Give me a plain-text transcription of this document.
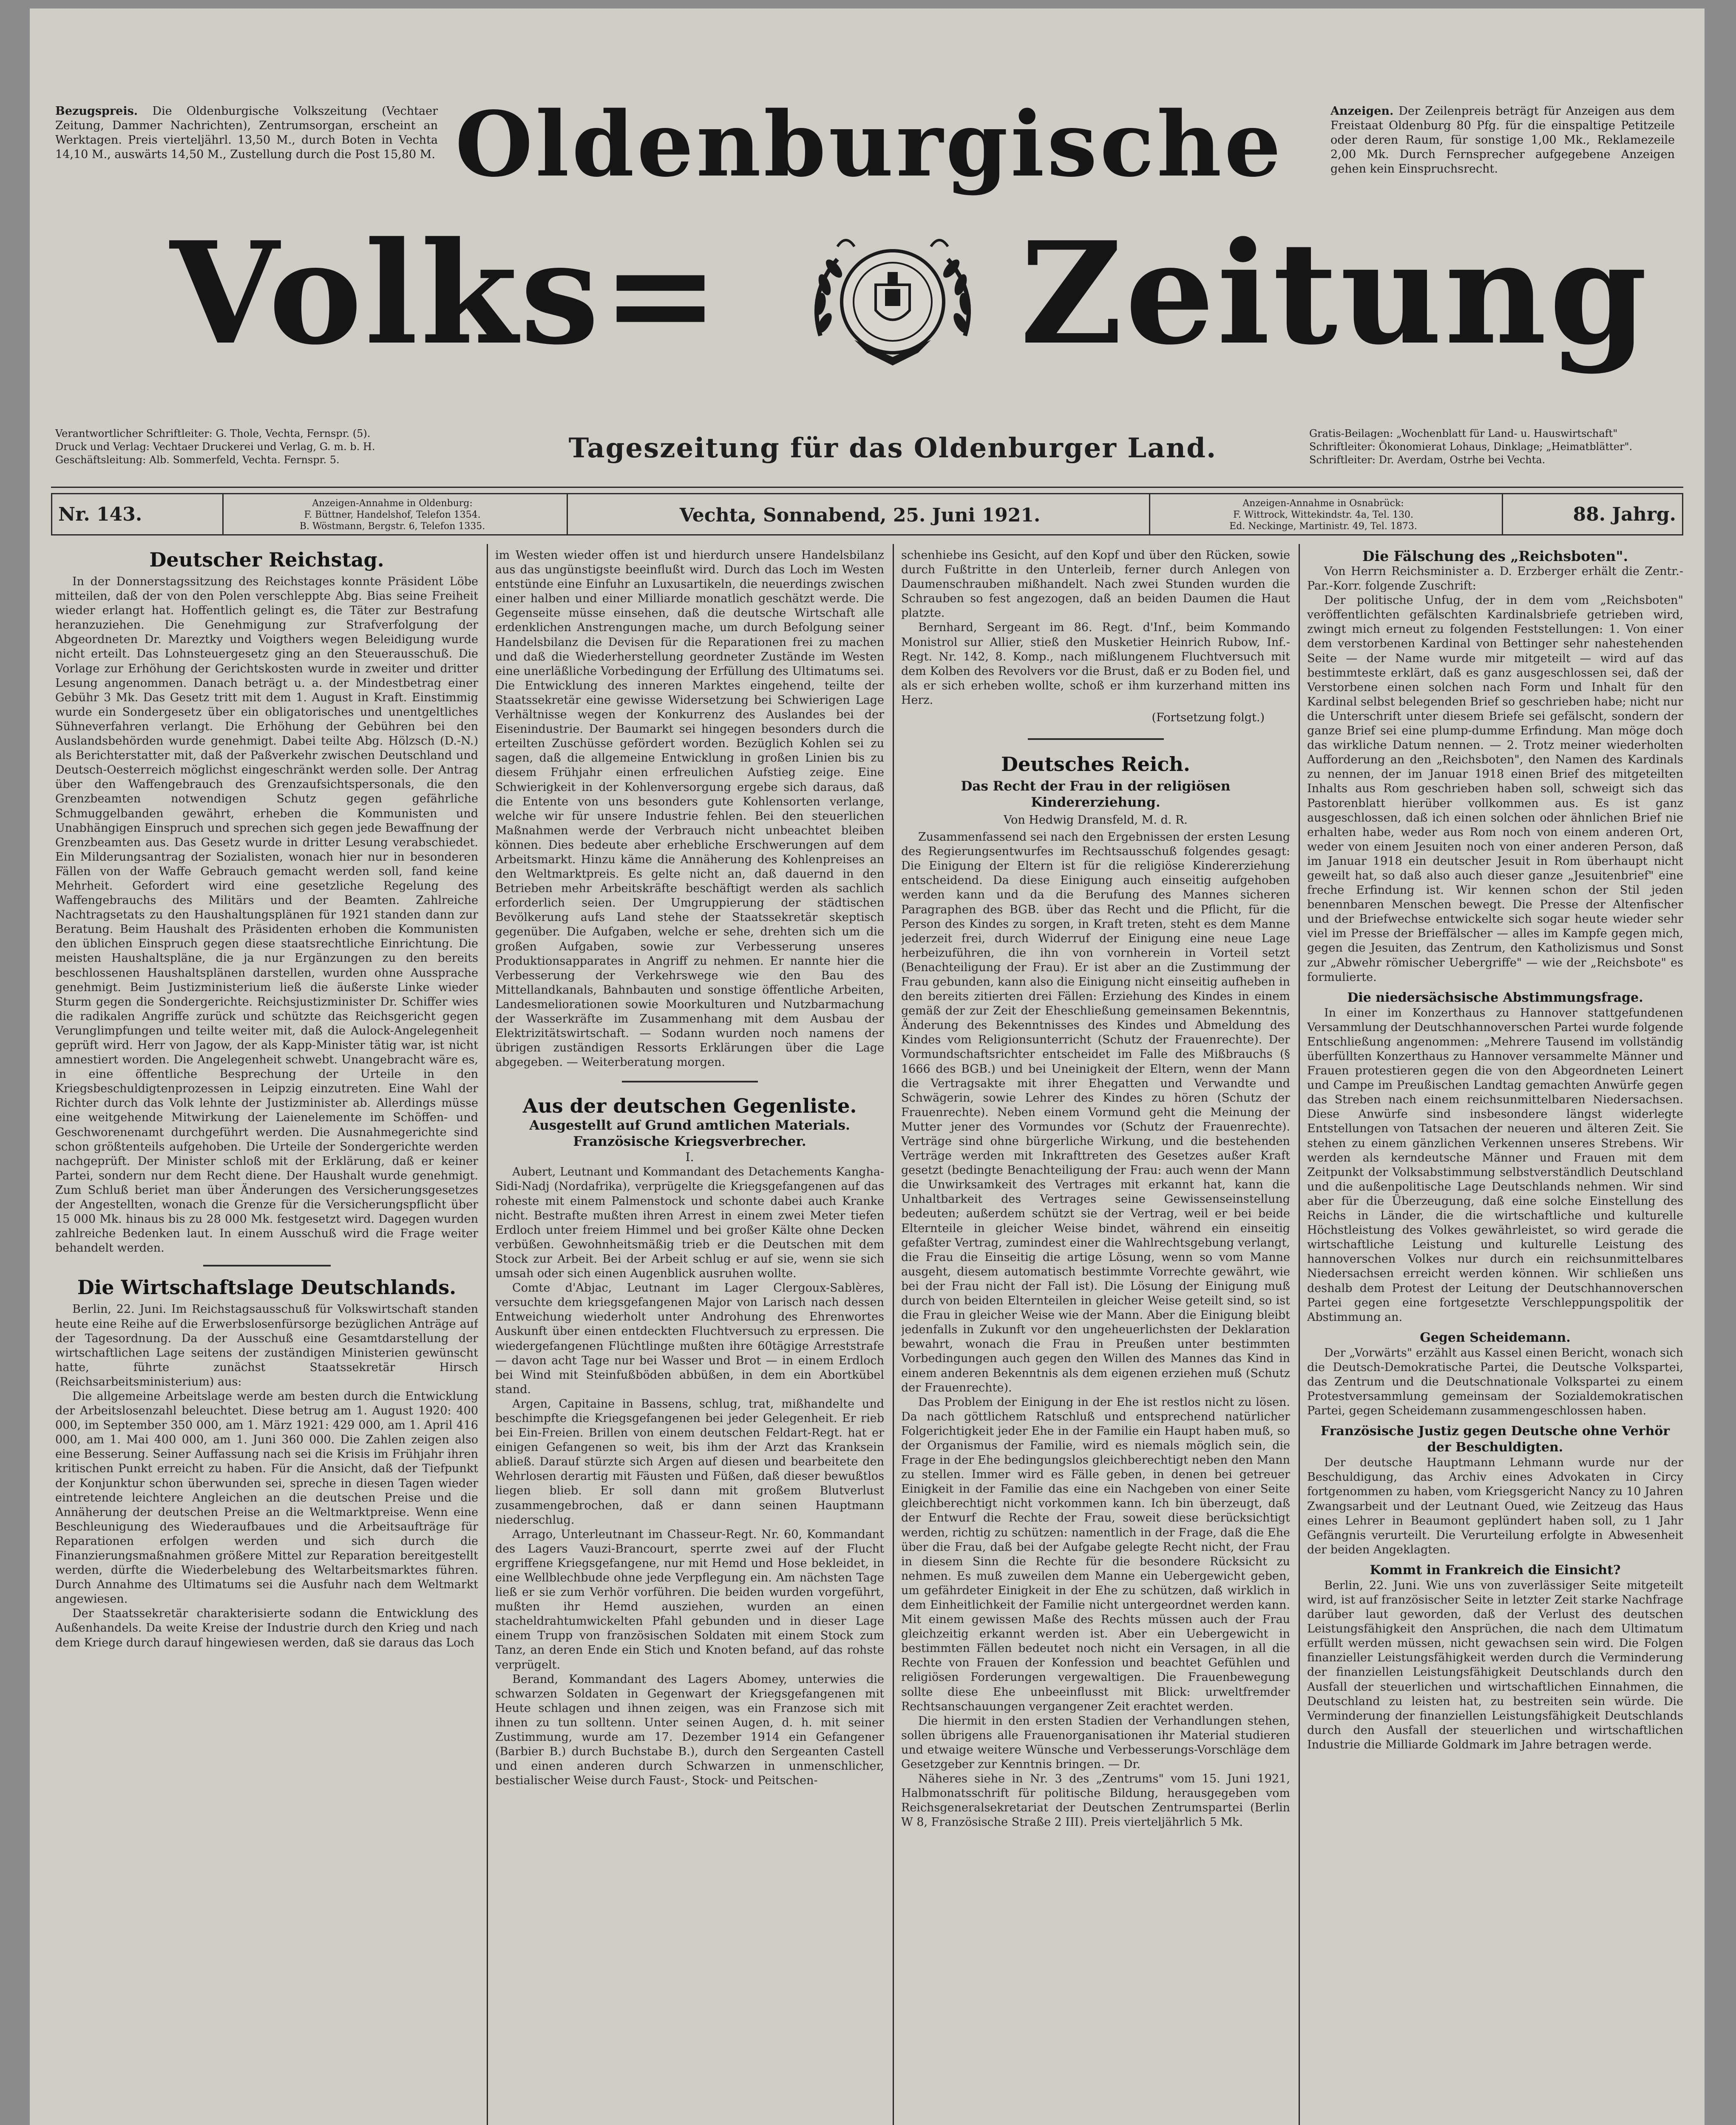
Bezugspreis. Die Oldenburgische Volkszeitung (Vechtaer Zeitung, Dammer Nachrichten), Zentrumsorgan, erscheint an Werktagen. Preis vierteljährl. 13,50 M., durch Boten in Vechta 14,10 M., auswärts 14,50 M., Zustellung durch die Post 15,80 M.
Anzeigen. Der Zeilenpreis beträgt für Anzeigen aus dem Freistaat Oldenburg 80 Pfg. für die einspaltige Petitzeile oder deren Raum, für sonstige 1,00 Mk., Reklamezeile 2,00 Mk. Durch Fernsprecher aufgegebene Anzeigen gehen kein Einspruchsrecht.
Oldenburgische
Volks= Zeitung
Verantwortlicher Schriftleiter: G. Thole, Vechta, Fernspr. (5).
Druck und Verlag: Vechtaer Druckerei und Verlag, G. m. b. H.
Geschäftsleitung: Alb. Sommerfeld, Vechta. Fernspr. 5.	Tageszeitung für das Oldenburger Land.	Gratis-Beilagen: „Wochenblatt für Land- u. Hauswirtschaft"
Schriftleiter: Ökonomierat Lohaus, Dinklage; „Heimatblätter". Schriftleiter: Dr. Averdam, Ostrhe bei Vechta.
Nr. 143.
Anzeigen-Annahme in Oldenburg:
F. Büttner, Handelshof, Telefon 1354.
B. Wöstmann, Bergstr. 6, Telefon 1335.
Vechta, Sonnabend, 25. Juni 1921.
Anzeigen-Annahme in Osnabrück:
F. Wittrock, Wittekindstr. 4a, Tel. 130.
Ed. Neckinge, Martinistr. 49, Tel. 1873.
88. Jahrg.
Deutscher Reichstag.

In der Donnerstagssitzung des Reichstages konnte Präsident Löbe mitteilen, daß der von den Polen verschleppte Abg. Bias seine Freiheit wieder erlangt hat. Hoffentlich gelingt es, die Täter zur Bestrafung heranzuziehen. Die Genehmigung zur Strafverfolgung der Abgeordneten Dr. Mareztky und Voigthers wegen Beleidigung wurde nicht erteilt. Das Lohnsteuergesetz ging an den Steuerausschuß. Die Vorlage zur Erhöhung der Gerichtskosten wurde in zweiter und dritter Lesung angenommen. Danach beträgt u. a. der Mindestbetrag einer Gebühr 3 Mk. Das Gesetz tritt mit dem 1. August in Kraft. Einstimmig wurde ein Sondergesetz über ein obligatorisches und unentgeltliches Sühneverfahren verlangt. Die Erhöhung der Gebühren bei den Auslandsbehörden wurde genehmigt. Dabei teilte Abg. Hölzsch (D.-N.) als Berichterstatter mit, daß der Paßverkehr zwischen Deutschland und Deutsch-Oesterreich möglichst eingeschränkt werden solle. Der Antrag über den Waffengebrauch des Grenzaufsichtspersonals, die den Grenzbeamten notwendigen Schutz gegen gefährliche Schmuggelbanden gewährt, erheben die Kommunisten und Unabhängigen Einspruch und sprechen sich gegen jede Bewaffnung der Grenzbeamten aus. Das Gesetz wurde in dritter Lesung verabschiedet. Ein Milderungsantrag der Sozialisten, wonach hier nur in besonderen Fällen von der Waffe Gebrauch gemacht werden soll, fand keine Mehrheit. Gefordert wird eine gesetzliche Regelung des Waffengebrauchs des Militärs und der Beamten. Zahlreiche Nachtragsetats zu den Haushaltungsplänen für 1921 standen dann zur Beratung. Beim Haushalt des Präsidenten erhoben die Kommunisten den üblichen Einspruch gegen diese staatsrechtliche Einrichtung. Die meisten Haushaltspläne, die ja nur Ergänzungen zu den bereits beschlossenen Haushaltsplänen darstellen, wurden ohne Aussprache genehmigt. Beim Justizministerium ließ die äußerste Linke wieder Sturm gegen die Sondergerichte. Reichsjustizminister Dr. Schiffer wies die radikalen Angriffe zurück und schützte das Reichsgericht gegen Verunglimpfungen und teilte weiter mit, daß die Aulock-Angelegenheit geprüft wird. Herr von Jagow, der als Kapp-Minister tätig war, ist nicht amnestiert worden. Die Angelegenheit schwebt. Unangebracht wäre es, in eine öffentliche Besprechung der Urteile in den Kriegsbeschuldigtenprozessen in Leipzig einzutreten. Eine Wahl der Richter durch das Volk lehnte der Justizminister ab. Allerdings müsse eine weitgehende Mitwirkung der Laienelemente im Schöffen- und Geschworenenamt durchgeführt werden. Die Ausnahmegerichte sind schon größtenteils aufgehoben. Die Urteile der Sondergerichte werden nachgeprüft. Der Minister schloß mit der Erklärung, daß er keiner Partei, sondern nur dem Recht diene. Der Haushalt wurde genehmigt. Zum Schluß beriet man über Änderungen des Versicherungsgesetzes der Angestellten, wonach die Grenze für die Versicherungspflicht über 15 000 Mk. hinaus bis zu 28 000 Mk. festgesetzt wird. Dagegen wurden zahlreiche Bedenken laut. In einem Ausschuß wird die Frage weiter behandelt werden.

Die Wirtschaftslage Deutschlands.

Berlin, 22. Juni. Im Reichstagsausschuß für Volkswirtschaft standen heute eine Reihe auf die Erwerbslosenfürsorge bezüglichen Anträge auf der Tagesordnung. Da der Ausschuß eine Gesamtdarstellung der wirtschaftlichen Lage seitens der zuständigen Ministerien gewünscht hatte, führte zunächst Staatssekretär Hirsch (Reichsarbeitsministerium) aus:

Die allgemeine Arbeitslage werde am besten durch die Entwicklung der Arbeitslosenzahl beleuchtet. Diese betrug am 1. August 1920: 400 000, im September 350 000, am 1. März 1921: 429 000, am 1. April 416 000, am 1. Mai 400 000, am 1. Juni 360 000. Die Zahlen zeigen also eine Besserung. Seiner Auffassung nach sei die Krisis im Frühjahr ihren kritischen Punkt erreicht zu haben. Für die Ansicht, daß der Tiefpunkt der Konjunktur schon überwunden sei, spreche in diesen Tagen wieder eintretende leichtere Angleichen an die deutschen Preise und die Annäherung der deutschen Preise an die Weltmarktpreise. Wenn eine Beschleunigung des Wiederaufbaues und die Arbeitsaufträge für Reparationen erfolgen werden und sich durch die Finanzierungsmaßnahmen größere Mittel zur Reparation bereitgestellt werden, dürfte die Wiederbelebung des Weltarbeitsmarktes führen. Durch Annahme des Ultimatums sei die Ausfuhr nach dem Weltmarkt angewiesen.

Der Staatssekretär charakterisierte sodann die Entwicklung des Außenhandels. Da weite Kreise der Industrie durch den Krieg und nach dem Kriege durch darauf hingewiesen werden, daß sie daraus das Loch

im Westen wieder offen ist und hierdurch unsere Handelsbilanz aus das ungünstigste beeinflußt wird. Durch das Loch im Westen entstünde eine Einfuhr an Luxusartikeln, die neuerdings zwischen einer halben und einer Milliarde monatlich geschätzt werde. Die Gegenseite müsse einsehen, daß die deutsche Wirtschaft alle erdenklichen Anstrengungen mache, um durch Befolgung seiner Handelsbilanz die Devisen für die Reparationen frei zu machen und daß die Wiederherstellung geordneter Zustände im Westen eine unerläßliche Vorbedingung der Erfüllung des Ultimatums sei. Die Entwicklung des inneren Marktes eingehend, teilte der Staatssekretär eine gewisse Widersetzung bei Schwierigen Lage Verhältnisse wegen der Konkurrenz des Auslandes bei der Eisenindustrie. Der Baumarkt sei hingegen besonders durch die erteilten Zuschüsse gefördert worden. Bezüglich Kohlen sei zu sagen, daß die allgemeine Entwicklung in großen Linien bis zu diesem Frühjahr einen erfreulichen Aufstieg zeige. Eine Schwierigkeit in der Kohlenversorgung ergebe sich daraus, daß die Entente von uns besonders gute Kohlensorten verlange, welche wir für unsere Industrie fehlen. Bei den steuerlichen Maßnahmen werde der Verbrauch nicht unbeachtet bleiben können. Dies bedeute aber erhebliche Erschwerungen auf dem Arbeitsmarkt. Hinzu käme die Annäherung des Kohlenpreises an den Weltmarktpreis. Es gelte nicht an, daß dauernd in den Betrieben mehr Arbeitskräfte beschäftigt werden als sachlich erforderlich seien. Der Umgruppierung der städtischen Bevölkerung aufs Land stehe der Staatssekretär skeptisch gegenüber. Die Aufgaben, welche er sehe, drehten sich um die großen Aufgaben, sowie zur Verbesserung unseres Produktionsapparates in Angriff zu nehmen. Er nannte hier die Verbesserung der Verkehrswege wie den Bau des Mittellandkanals, Bahnbauten und sonstige öffentliche Arbeiten, Landesmeliorationen sowie Moorkulturen und Nutzbarmachung der Wasserkräfte im Zusammenhang mit dem Ausbau der Elektrizitätswirtschaft. — Sodann wurden noch namens der übrigen zuständigen Ressorts Erklärungen über die Lage abgegeben. — Weiterberatung morgen.

Aus der deutschen Gegenliste.
Ausgestellt auf Grund amtlichen Materials.
Französische Kriegsverbrecher.
I.

Aubert, Leutnant und Kommandant des Detachements Kangha-Sidi-Nadj (Nordafrika), verprügelte die Kriegsgefangenen auf das roheste mit einem Palmenstock und schonte dabei auch Kranke nicht. Bestrafte mußten ihren Arrest in einem zwei Meter tiefen Erdloch unter freiem Himmel und bei großer Kälte ohne Decken verbüßen. Gewohnheitsmäßig trieb er die Deutschen mit dem Stock zur Arbeit. Bei der Arbeit schlug er auf sie, wenn sie sich umsah oder sich einen Augenblick ausruhen wollte.

Comte d'Abjac, Leutnant im Lager Clergoux-Sablères, versuchte dem kriegsgefangenen Major von Larisch nach dessen Entweichung wiederholt unter Androhung des Ehrenwortes Auskunft über einen entdeckten Fluchtversuch zu erpressen. Die wiedergefangenen Flüchtlinge mußten ihre 60tägige Arreststrafe — davon acht Tage nur bei Wasser und Brot — in einem Erdloch bei Wind mit Steinfußböden abbüßen, in dem ein Abortkübel stand.

Argen, Capitaine in Bassens, schlug, trat, mißhandelte und beschimpfte die Kriegsgefangenen bei jeder Gelegenheit. Er rieb bei Ein-Freien. Brillen von einem deutschen Feldart-Regt. hat er einigen Gefangenen so weit, bis ihm der Arzt das Kranksein abließ. Darauf stürzte sich Argen auf diesen und bearbeitete den Wehrlosen derartig mit Fäusten und Füßen, daß dieser bewußtlos liegen blieb. Er soll dann mit großem Blutverlust zusammengebrochen, daß er dann seinen Hauptmann niederschlug.

Arrago, Unterleutnant im Chasseur-Regt. Nr. 60, Kommandant des Lagers Vauzi-Brancourt, sperrte zwei auf der Flucht ergriffene Kriegsgefangene, nur mit Hemd und Hose bekleidet, in eine Wellblechbude ohne jede Verpflegung ein. Am nächsten Tage ließ er sie zum Verhör vorführen. Die beiden wurden vorgeführt, mußten ihr Hemd ausziehen, wurden an einen stacheldrahtumwickelten Pfahl gebunden und in dieser Lage einem Trupp von französischen Soldaten mit einem Stock zum Tanz, an deren Ende ein Stich und Knoten befand, auf das rohste verprügelt.

Berand, Kommandant des Lagers Abomey, unterwies die schwarzen Soldaten in Gegenwart der Kriegsgefangenen mit Heute schlagen und ihnen zeigen, was ein Franzose sich mit ihnen zu tun solltenn. Unter seinen Augen, d. h. mit seiner Zustimmung, wurde am 17. Dezember 1914 ein Gefangener (Barbier B.) durch Buchstabe B.), durch den Sergeanten Castell und einen anderen durch Schwarzen in unmenschlicher, bestialischer Weise durch Faust-, Stock- und Peitschen-

schenhiebe ins Gesicht, auf den Kopf und über den Rücken, sowie durch Fußtritte in den Unterleib, ferner durch Anlegen von Daumenschrauben mißhandelt. Nach zwei Stunden wurden die Schrauben so fest angezogen, daß an beiden Daumen die Haut platzte.

Bernhard, Sergeant im 86. Regt. d'Inf., beim Kommando Monistrol sur Allier, stieß den Musketier Heinrich Rubow, Inf.-Regt. Nr. 142, 8. Komp., nach mißlungenem Fluchtversuch mit dem Kolben des Revolvers vor die Brust, daß er zu Boden fiel, und als er sich erheben wollte, schoß er ihm kurzerhand mitten ins Herz.

(Fortsetzung folgt.)
Deutsches Reich.
Das Recht der Frau in der religiösen Kindererziehung.
Von Hedwig Dransfeld, M. d. R.

Zusammenfassend sei nach den Ergebnissen der ersten Lesung des Regierungsentwurfes im Rechtsausschuß folgendes gesagt: Die Einigung der Eltern ist für die religiöse Kindererziehung entscheidend. Da diese Einigung auch einseitig aufgehoben werden kann und da die Berufung des Mannes sicheren Paragraphen des BGB. über das Recht und die Pflicht, für die Person des Kindes zu sorgen, in Kraft treten, steht es dem Manne jederzeit frei, durch Widerruf der Einigung eine neue Lage herbeizuführen, die ihn von vornherein in Vorteil setzt (Benachteiligung der Frau). Er ist aber an die Zustimmung der Frau gebunden, kann also die Einigung nicht einseitig aufheben in den bereits zitierten drei Fällen: Erziehung des Kindes in einem gemäß der zur Zeit der Eheschließung gemeinsamen Bekenntnis, Änderung des Bekenntnisses des Kindes und Abmeldung des Kindes vom Religionsunterricht (Schutz der Frauenrechte). Der Vormundschaftsrichter entscheidet im Falle des Mißbrauchs (§ 1666 des BGB.) und bei Uneinigkeit der Eltern, wenn der Mann die Vertragsakte mit ihrer Ehegatten und Verwandte und Schwägerin, sowie Lehrer des Kindes zu hören (Schutz der Frauenrechte). Neben einem Vormund geht die Meinung der Mutter jener des Vormundes vor (Schutz der Frauenrechte). Verträge sind ohne bürgerliche Wirkung, und die bestehenden Verträge werden mit Inkrafttreten des Gesetzes außer Kraft gesetzt (bedingte Benachteiligung der Frau: auch wenn der Mann die Unwirksamkeit des Vertrages mit erkannt hat, kann die Unhaltbarkeit des Vertrages seine Gewissenseinstellung bedeuten; außerdem schützt sie der Vertrag, weil er bei beide Elternteile in gleicher Weise bindet, während ein einseitig gefaßter Vertrag, zumindest einer die Wahlrechtsgebung verlangt, die Frau die Einseitig die artige Lösung, wenn so vom Manne ausgeht, diesem automatisch bestimmte Vorrechte gewährt, wie bei der Frau nicht der Fall ist). Die Lösung der Einigung muß durch von beiden Elternteilen in gleicher Weise geteilt sind, so ist die Frau in gleicher Weise wie der Mann. Aber die Einigung bleibt jedenfalls in Zukunft vor den ungeheuerlichsten der Deklaration bewahrt, wonach die Frau in Preußen unter bestimmten Vorbedingungen auch gegen den Willen des Mannes das Kind in einem anderen Bekenntnis als dem eigenen erziehen muß (Schutz der Frauenrechte).

Das Problem der Einigung in der Ehe ist restlos nicht zu lösen. Da nach göttlichem Ratschluß und entsprechend natürlicher Folgerichtigkeit jeder Ehe in der Familie ein Haupt haben muß, so der Organismus der Familie, wird es niemals möglich sein, die Frage in der Ehe bedingungslos gleichberechtigt neben den Mann zu stellen. Immer wird es Fälle geben, in denen bei getreuer Einigkeit in der Familie das eine ein Nachgeben von einer Seite gleichberechtigt nicht vorkommen kann. Ich bin überzeugt, daß der Entwurf die Rechte der Frau, soweit diese berücksichtigt werden, richtig zu schützen: namentlich in der Frage, daß die Ehe über die Frau, daß bei der Aufgabe gelegte Recht nicht, der Frau in diesem Sinn die Rechte für die besondere Rücksicht zu nehmen. Es muß zuweilen dem Manne ein Uebergewicht geben, um gefährdeter Einigkeit in der Ehe zu schützen, daß wirklich in dem Einheitlichkeit der Familie nicht untergeordnet werden kann. Mit einem gewissen Maße des Rechts müssen auch der Frau gleichzeitig erkannt werden ist. Aber ein Uebergewicht in bestimmten Fällen bedeutet noch nicht ein Versagen, in all die Rechte von Frauen der Konfession und beachtet Gefühlen und religiösen Forderungen vergewaltigen. Die Frauenbewegung sollte diese Ehe unbeeinflusst mit Blick: urweltfremder Rechtsanschauungen vergangener Zeit erachtet werden.

Die hiermit in den ersten Stadien der Verhandlungen stehen, sollen übrigens alle Frauenorganisationen ihr Material studieren und etwaige weitere Wünsche und Verbesserungs-Vorschläge dem Gesetzgeber zur Kenntnis bringen. — Dr.

Näheres siehe in Nr. 3 des „Zentrums" vom 15. Juni 1921, Halbmonatsschrift für politische Bildung, herausgegeben vom Reichsgeneralsekretariat der Deutschen Zentrumspartei (Berlin W 8, Französische Straße 2 III). Preis vierteljährlich 5 Mk.

Die Fälschung des „Reichsboten".

Von Herrn Reichsminister a. D. Erzberger erhält die Zentr.-Par.-Korr. folgende Zuschrift:

Der politische Unfug, der in dem vom „Reichsboten" veröffentlichten gefälschten Kardinalsbriefe getrieben wird, zwingt mich erneut zu folgenden Feststellungen: 1. Von einer dem verstorbenen Kardinal von Bettinger sehr nahestehenden Seite — der Name wurde mir mitgeteilt — wird auf das bestimmteste erklärt, daß es ganz ausgeschlossen sei, daß der Verstorbene einen solchen nach Form und Inhalt für den Kardinal selbst belegenden Brief so geschrieben habe; nicht nur die Unterschrift unter diesem Briefe sei gefälscht, sondern der ganze Brief sei eine plump-dumme Erfindung. Man möge doch das wirkliche Datum nennen. — 2. Trotz meiner wiederholten Aufforderung an den „Reichsboten", den Namen des Kardinals zu nennen, der im Januar 1918 einen Brief des mitgeteilten Inhalts aus Rom geschrieben haben soll, schweigt sich das Pastorenblatt hierüber vollkommen aus. Es ist ganz ausgeschlossen, daß ich einen solchen oder ähnlichen Brief nie erhalten habe, weder aus Rom noch von einem anderen Ort, weder von einem Jesuiten noch von einer anderen Person, daß im Januar 1918 ein deutscher Jesuit in Rom überhaupt nicht geweilt hat, so daß also auch dieser ganze „Jesuitenbrief" eine freche Erfindung ist. Wir kennen schon der Stil jeden benennbaren Menschen bewegt. Die Presse der Altenfischer und der Briefwechse entwickelte sich sogar heute wieder sehr viel im Presse der Brieffälscher — alles im Kampfe gegen mich, gegen die Jesuiten, das Zentrum, den Katholizismus und Sonst zur „Abwehr römischer Uebergriffe" — wie der „Reichsbote" es formulierte.

Die niedersächsische Abstimmungsfrage.

In einer im Konzerthaus zu Hannover stattgefundenen Versammlung der Deutschhannoverschen Partei wurde folgende Entschließung angenommen: „Mehrere Tausend im vollständig überfüllten Konzerthaus zu Hannover versammelte Männer und Frauen protestieren gegen die von den Abgeordneten Leinert und Campe im Preußischen Landtag gemachten Anwürfe gegen das Streben nach einem reichsunmittelbaren Niedersachsen. Diese Anwürfe sind insbesondere längst widerlegte Entstellungen von Tatsachen der neueren und älteren Zeit. Sie stehen zu einem gänzlichen Verkennen unseres Strebens. Wir werden als kerndeutsche Männer und Frauen mit dem Zeitpunkt der Volksabstimmung selbstverständlich Deutschland und die außenpolitische Lage Deutschlands nehmen. Wir sind aber für die Überzeugung, daß eine solche Einstellung des Reichs in Länder, die die wirtschaftliche und kulturelle Höchstleistung des Volkes gewährleistet, so wird gerade die wirtschaftliche Leistung und kulturelle Leistung des hannoverschen Volkes nur durch ein reichsunmittelbares Niedersachsen erreicht werden können. Wir schließen uns deshalb dem Protest der Leitung der Deutschhannoverschen Partei gegen eine fortgesetzte Verschleppungspolitik der Abstimmung an.

Gegen Scheidemann.

Der „Vorwärts" erzählt aus Kassel einen Bericht, wonach sich die Deutsch-Demokratische Partei, die Deutsche Volkspartei, das Zentrum und die Deutschnationale Volkspartei zu einem Protestversammlung gemeinsam der Sozialdemokratischen Partei, gegen Scheidemann zusammengeschlossen haben.

Französische Justiz gegen Deutsche ohne Verhör der Beschuldigten.

Der deutsche Hauptmann Lehmann wurde nur der Beschuldigung, das Archiv eines Advokaten in Circy fortgenommen zu haben, vom Kriegsgericht Nancy zu 10 Jahren Zwangsarbeit und der Leutnant Oued, wie Zeitzeug das Haus eines Lehrer in Beaumont geplündert haben soll, zu 1 Jahr Gefängnis verurteilt. Die Verurteilung erfolgte in Abwesenheit der beiden Angeklagten.

Kommt in Frankreich die Einsicht?

Berlin, 22. Juni. Wie uns von zuverlässiger Seite mitgeteilt wird, ist auf französischer Seite in letzter Zeit starke Nachfrage darüber laut geworden, daß der Verlust des deutschen Leistungsfähigkeit den Ansprüchen, die nach dem Ultimatum erfüllt werden müssen, nicht gewachsen sein wird. Die Folgen finanzieller Leistungsfähigkeit werden durch die Verminderung der finanziellen Leistungsfähigkeit Deutschlands durch den Ausfall der steuerlichen und wirtschaftlichen Einnahmen, die Deutschland zu leisten hat, zu bestreiten sein würde. Die Verminderung der finanziellen Leistungsfähigkeit Deutschlands durch den Ausfall der steuerlichen und wirtschaftlichen Industrie die Milliarde Goldmark im Jahre betragen werde.
